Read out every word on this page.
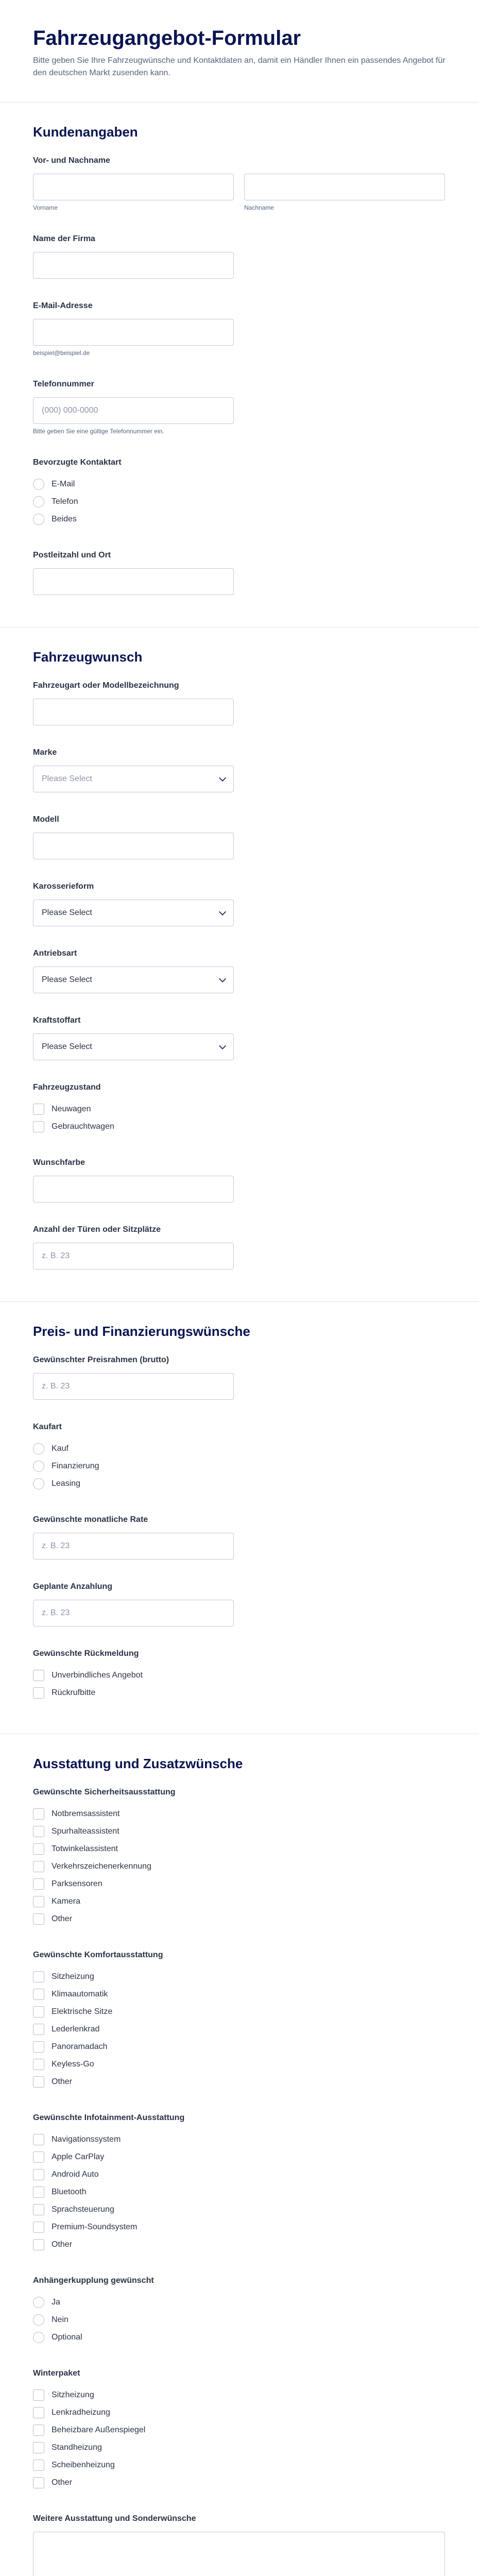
Fahrzeugangebot-Formular
Bitte geben Sie Ihre Fahrzeugwünsche und Kontaktdaten an, damit ein Händler Ihnen ein passendes Angebot für den deutschen Markt zusenden kann.
Kundenangaben
Vor- und Nachname
Vorname	Nachname
Name der Firma
E-Mail-Adresse
beispiel@beispiel.de
Telefonnummer
(000) 000-0000
Bitte geben Sie eine gültige Telefonnummer ein.
Bevorzugte Kontaktart
E-Mail
Telefon
Beides
Postleitzahl und Ort
Fahrzeugwunsch
Fahrzeugart oder Modellbezeichnung
Marke
Please Select
Modell
Karosserieform
Please Select
Antriebsart
Please Select
Kraftstoffart
Please Select
Fahrzeugzustand
Neuwagen
Gebrauchtwagen
Wunschfarbe
Anzahl der Türen oder Sitzplätze
z. B. 23
Preis- und Finanzierungswünsche
Gewünschter Preisrahmen (brutto)
z. B. 23
Kaufart
Kauf
Finanzierung
Leasing
Gewünschte monatliche Rate
z. B. 23
Geplante Anzahlung
z. B. 23
Gewünschte Rückmeldung
Unverbindliches Angebot
Rückrufbitte
Ausstattung und Zusatzwünsche
Gewünschte Sicherheitsausstattung
Notbremsassistent
Spurhalteassistent
Totwinkelassistent
Verkehrszeichenerkennung
Parksensoren
Kamera
Other
Gewünschte Komfortausstattung
Sitzheizung
Klimaautomatik
Elektrische Sitze
Lederlenkrad
Panoramadach
Keyless-Go
Other
Gewünschte Infotainment-Ausstattung
Navigationssystem
Apple CarPlay
Android Auto
Bluetooth
Sprachsteuerung
Premium-Soundsystem
Other
Anhängerkupplung gewünscht
Ja
Nein
Optional
Winterpaket
Sitzheizung
Lenkradheizung
Beheizbare Außenspiegel
Standheizung
Scheibenheizung
Other
Weitere Ausstattung und Sonderwünsche
